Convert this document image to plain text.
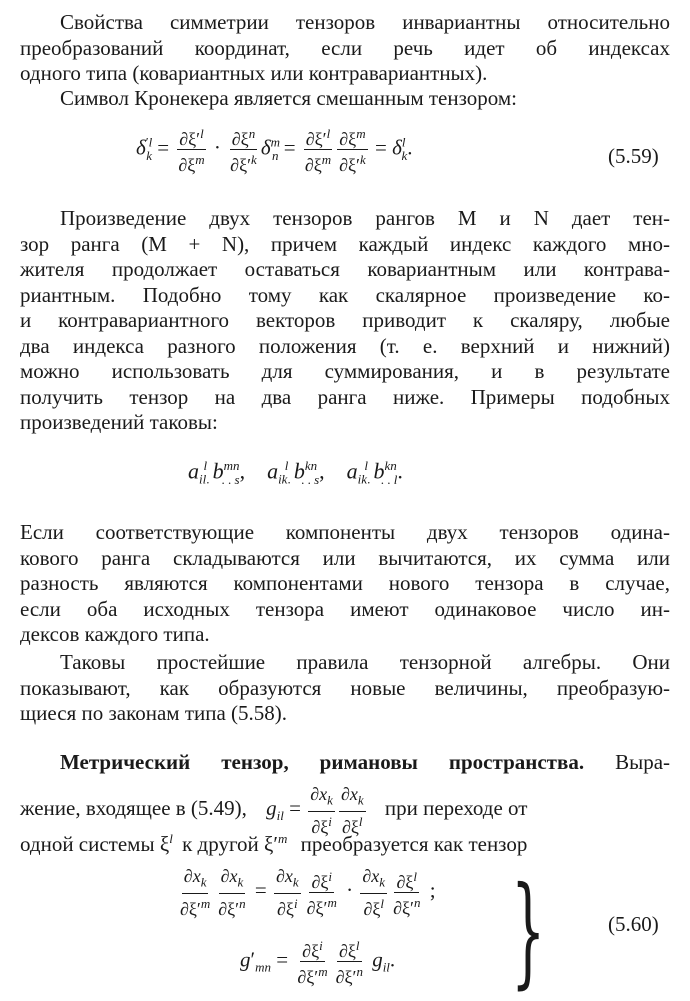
Свойства симметрии тензоров инвариантны относительно
преобразований координат, если речь идет об индексах
одного типа (ковариантных или контравариантных).
Символ Кронекера является смешанным тензором:
$\delta^{'l}_k = \frac{\partial\xi'^l}{\partial\xi^m} \cdot \frac{\partial\xi^n}{\partial\xi'^k} \delta^m_n = \frac{\partial\xi'^l}{\partial\xi^m} \frac{\partial\xi^m}{\partial\xi'^k} = \delta^l_k$.	(5.59)
Произведение двух тензоров рангов M и N дает тен-
зор ранга (M + N), причем каждый индекс каждого мно-
жителя продолжает оставаться ковариантным или контрава-
риантным. Подобно тому как скалярное произведение ко-
и контравариантного векторов приводит к скаляру, любые
два индекса разного положения (т. е. верхний и нижний)
можно использовать для суммирования, и в результате
получить тензор на два ранга ниже. Примеры подобных
произведений таковы:
$a_{il.}^l$ $b^{mn}_{. . s}$,    $a_{ik.}^l$ $b^{kn}_{. . s}$,    $a_{ik.}^l$ $b^{kn}_{. . l}$.
Если соответствующие компоненты двух тензоров одина-
кового ранга складываются или вычитаются, их сумма или
разность являются компонентами нового тензора в случае,
если оба исходных тензора имеют одинаковое число ин-
дексов каждого типа.
Таковы простейшие правила тензорной алгебры. Они
показывают, как образуются новые величины, преобразую-
щиеся по законам типа (5.58).
Метрический тензор, римановы пространства. Выра-
жение, входящее в (5.49), $g_{il} = \frac{\partial x_k}{\partial\xi^i} \frac{\partial x_k}{\partial\xi^l}$ при переходе от
одной системы $\xi^l$ к другой $\xi'^m$ преобразуется как тензор
$\frac{\partial x_k}{\partial\xi'^m} \frac{\partial x_k}{\partial\xi'^n} = \frac{\partial x_k}{\partial\xi^i} \frac{\partial\xi^i}{\partial\xi'^m} \cdot \frac{\partial x_k}{\partial\xi^l} \frac{\partial\xi^l}{\partial\xi'^n}$ ;
$g'_{mn} = \frac{\partial\xi^i}{\partial\xi'^m} \frac{\partial\xi^l}{\partial\xi'^n} g_{il}$. }	(5.60)
